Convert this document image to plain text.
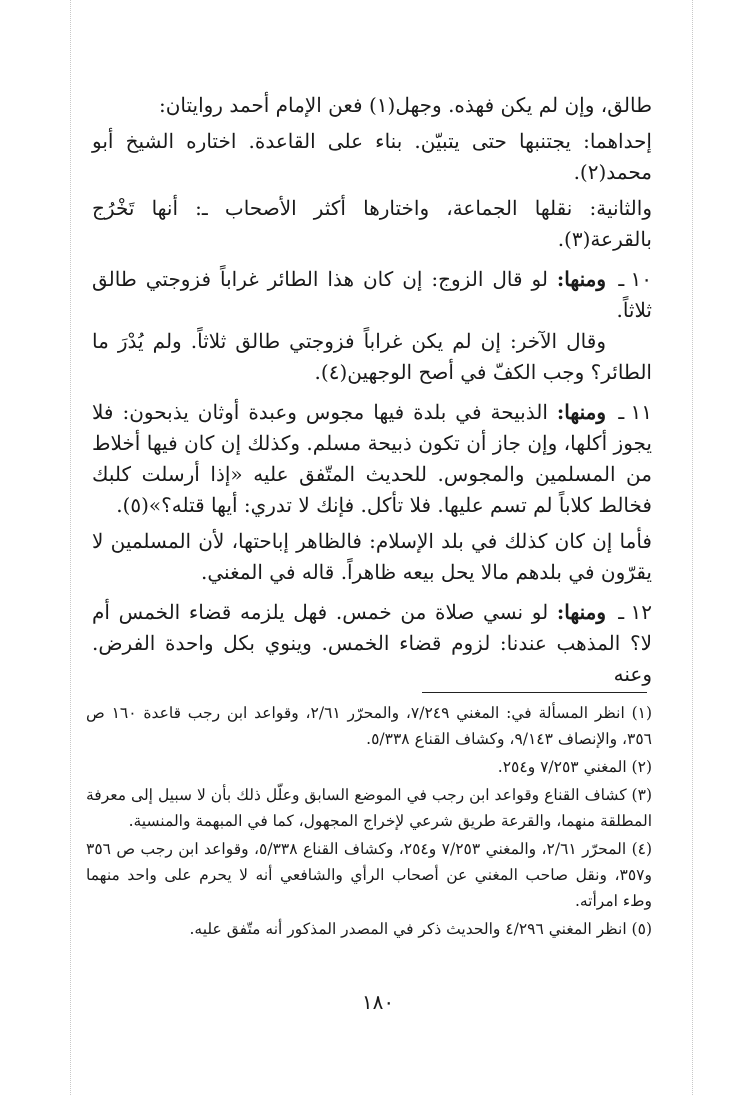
طالق، وإن لم يكن فهذه. وجهل(١) فعن الإمام أحمد روايتان:

إحداهما: يجتنبها حتى يتبيّن. بناء على القاعدة. اختاره الشيخ أبو محمد(٢).

والثانية: نقلها الجماعة، واختارها أكثر الأصحاب ـ: أنها تَخْرُج بالقرعة(٣).

١٠ ـومنها: لو قال الزوج: إن كان هذا الطائر غراباً فزوجتي طالق ثلاثاً.
وقال الآخر: إن لم يكن غراباً فزوجتي طالق ثلاثاً. ولم يُدْرَ ما الطائر؟ وجب الكفّ في أصح الوجهين(٤).

١١ ـومنها: الذبيحة في بلدة فيها مجوس وعبدة أوثان يذبحون: فلا يجوز أكلها، وإن جاز أن تكون ذبيحة مسلم. وكذلك إن كان فيها أخلاط من المسلمين والمجوس. للحديث المتّفق عليه «إذا أرسلت كلبك فخالط كلاباً لم تسم عليها. فلا تأكل. فإنك لا تدري: أيها قتله؟»(٥).

فأما إن كان كذلك في بلد الإسلام: فالظاهر إباحتها، لأن المسلمين لا يقرّون في بلدهم مالا يحل بيعه ظاهراً. قاله في المغني.

١٢ ـومنها: لو نسي صلاة من خمس. فهل يلزمه قضاء الخمس أم لا؟ المذهب عندنا: لزوم قضاء الخمس. وينوي بكل واحدة الفرض. وعنه

(١) انظر المسألة في: المغني ٧/٢٤٩، والمحرّر ٢/٦١، وقواعد ابن رجب قاعدة ١٦٠ ص ٣٥٦، والإنصاف ٩/١٤٣، وكشاف القناع ٥/٣٣٨.

(٢) المغني ٧/٢٥٣ و٢٥٤.

(٣) كشاف القناع وقواعد ابن رجب في الموضع السابق وعلّل ذلك بأن لا سبيل إلى معرفة المطلقة منهما، والقرعة طريق شرعي لإخراج المجهول، كما في المبهمة والمنسية.

(٤) المحرّر ٢/٦١، والمغني ٧/٢٥٣ و٢٥٤، وكشاف القناع ٥/٣٣٨، وقواعد ابن رجب ص ٣٥٦ و٣٥٧، ونقل صاحب المغني عن أصحاب الرأي والشافعي أنه لا يحرم على واحد منهما وطء امرأته.

(٥) انظر المغني ٤/٢٩٦ والحديث ذكر في المصدر المذكور أنه متّفق عليه.

١٨٠
